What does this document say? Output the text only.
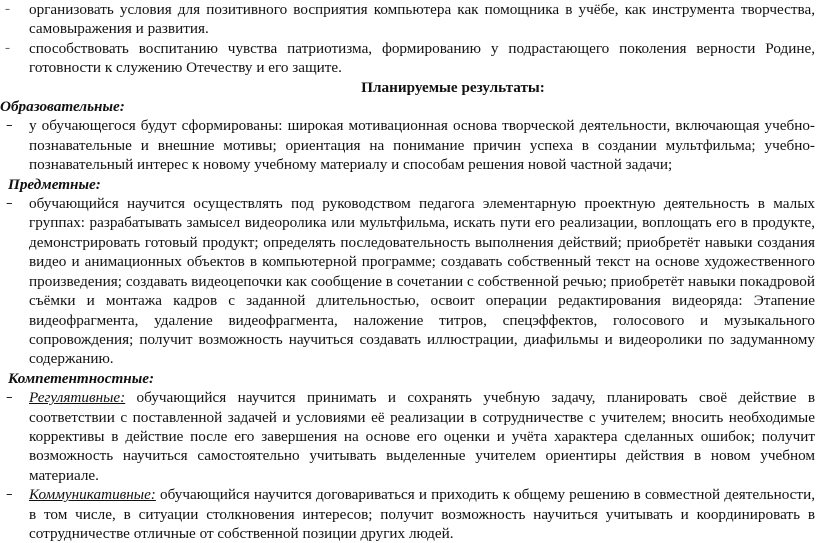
– организовать условия для позитивного восприятия компьютера как помощника в учёбе, как инструмента творчества, самовыражения и развития.

– способствовать воспитанию чувства патриотизма, формированию у подрастающего поколения верности Родине, готовности к служению Отечеству и его защите.

Планируемые результаты:

Образовательные:

– у обучающегося будут сформированы: широкая мотивационная основа творческой деятельности, включающая учебно-познавательные и внешние мотивы; ориентация на понимание причин успеха в создании мультфильма; учебно-познавательный интерес к новому учебному материалу и способам решения новой частной задачи;

Предметные:

– обучающийся научится осуществлять под руководством педагога элементарную проектную деятельность в малых группах: разрабатывать замысел видеоролика или мультфильма, искать пути его реализации, воплощать его в продукте, демонстрировать готовый продукт; определять последовательность выполнения действий; приобретёт навыки создания видео и анимационных объектов в компьютерной программе; создавать собственный текст на основе художественного произведения; создавать видеоцепочки как сообщение в сочетании с собственной речью; приобретёт навыки покадровой съёмки и монтажа кадров с заданной длительностью, освоит операции редактирования видеоряда: Этапение видеофрагмента, удаление видеофрагмента, наложение титров, спецэффектов, голосового и музыкального сопровождения; получит возможность научиться создавать иллюстрации, диафильмы и видеоролики по задуманному содержанию.

Компетентностные:

– Регулятивные: обучающийся научится принимать и сохранять учебную задачу, планировать своё действие в соответствии с поставленной задачей и условиями её реализации в сотрудничестве с учителем; вносить необходимые коррективы в действие после его завершения на основе его оценки и учёта характера сделанных ошибок; получит возможность научиться самостоятельно учитывать выделенные учителем ориентиры действия в новом учебном материале.

– Коммуникативные: обучающийся научится договариваться и приходить к общему решению в совместной деятельности, в том числе, в ситуации столкновения интересов; получит возможность научиться учитывать и координировать в сотрудничестве отличные от собственной позиции других людей.
